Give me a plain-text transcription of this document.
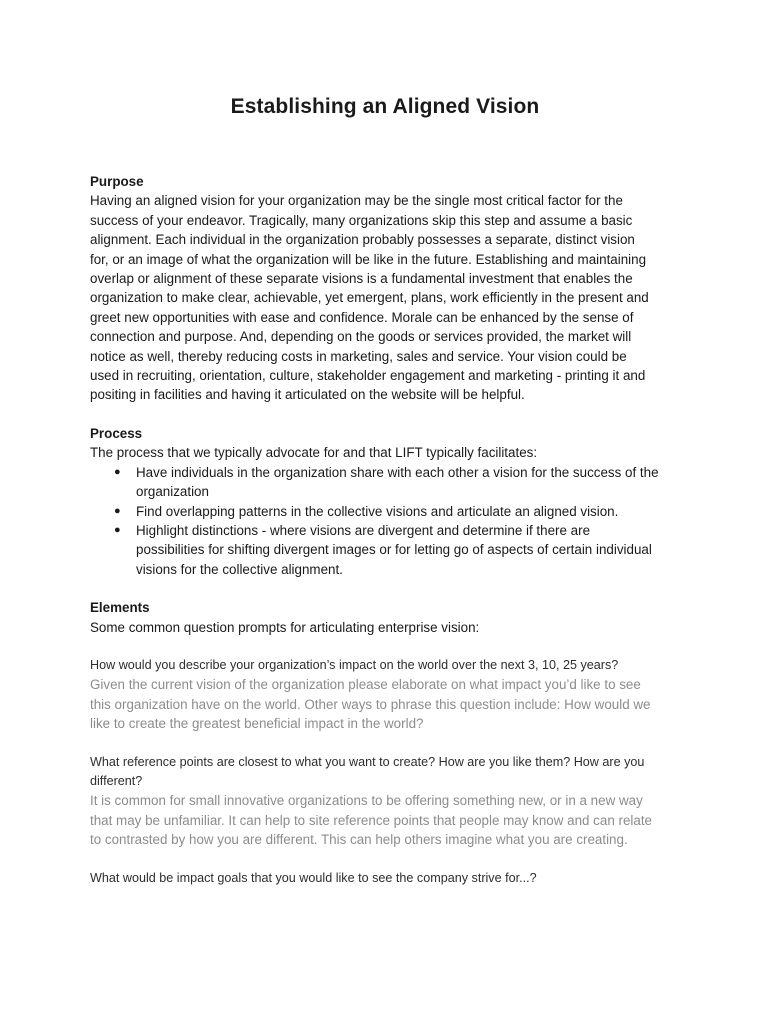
Establishing an Aligned Vision

Purpose

Having an aligned vision for your organization may be the single most critical factor for the
success of your endeavor. Tragically, many organizations skip this step and assume a basic
alignment. Each individual in the organization probably possesses a separate, distinct vision
for, or an image of what the organization will be like in the future. Establishing and maintaining
overlap or alignment of these separate visions is a fundamental investment that enables the
organization to make clear, achievable, yet emergent, plans, work efficiently in the present and
greet new opportunities with ease and confidence. Morale can be enhanced by the sense of
connection and purpose. And, depending on the goods or services provided, the market will
notice as well, thereby reducing costs in marketing, sales and service. Your vision could be
used in recruiting, orientation, culture, stakeholder engagement and marketing - printing it and
positing in facilities and having it articulated on the website will be helpful.

Process

The process that we typically advocate for and that LIFT typically facilitates:

● Have individuals in the organization share with each other a vision for the success of the
organization
● Find overlapping patterns in the collective visions and articulate an aligned vision.
● Highlight distinctions - where visions are divergent and determine if there are
possibilities for shifting divergent images or for letting go of aspects of certain individual
visions for the collective alignment.

Elements

Some common question prompts for articulating enterprise vision:

How would you describe your organization’s impact on the world over the next 3, 10, 25 years?

Given the current vision of the organization please elaborate on what impact you’d like to see
this organization have on the world. Other ways to phrase this question include: How would we
like to create the greatest beneficial impact in the world?

What reference points are closest to what you want to create? How are you like them? How are you
different?

It is common for small innovative organizations to be offering something new, or in a new way
that may be unfamiliar. It can help to site reference points that people may know and can relate
to contrasted by how you are different. This can help others imagine what you are creating.

What would be impact goals that you would like to see the company strive for...?
